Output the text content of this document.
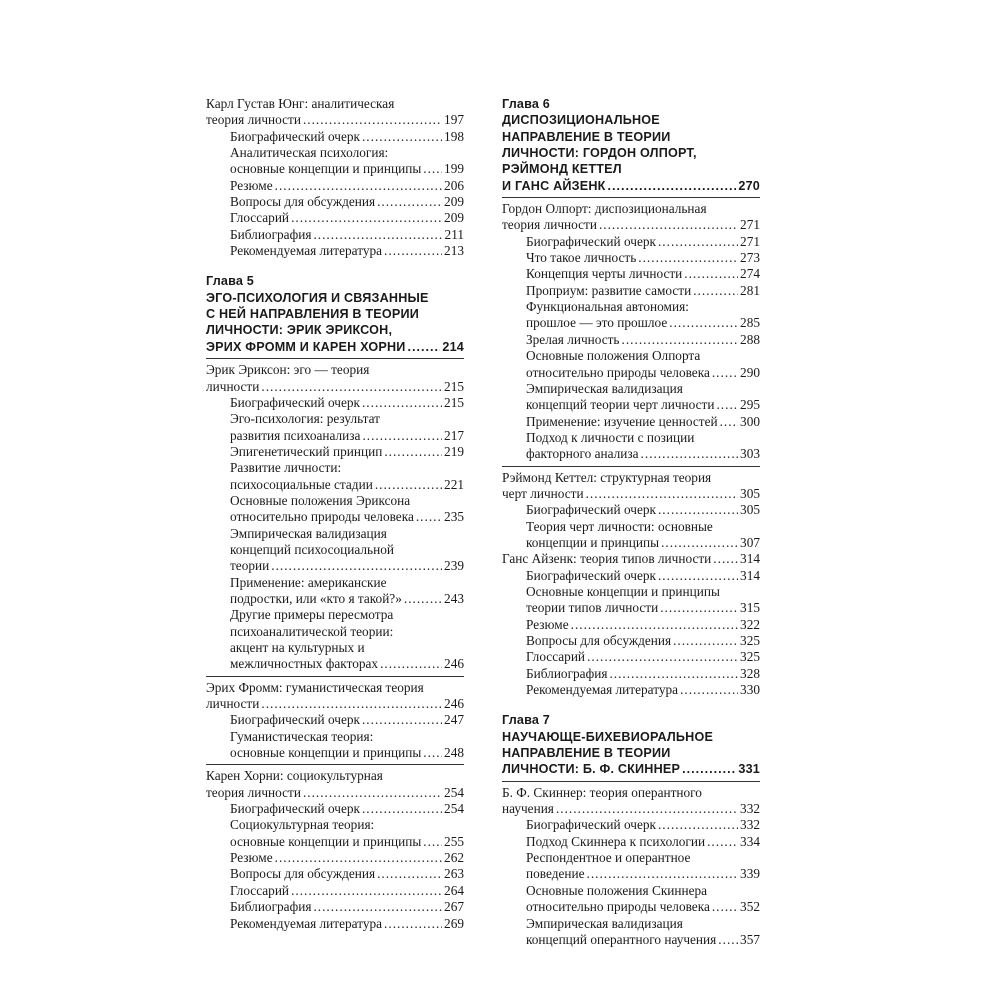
Карл Густав Юнг: аналитическая
теория личности .....	197
Биографический очерк .....	198
Аналитическая психология:
основные концепции и принципы ..... 199
Резюме .....	206
Вопросы для обсуждения .....	209
Глоссарий .....	209
Библиография .....	211
Рекомендуемая литература .....	213
Глава 5
ЭГО-ПСИХОЛОГИЯ И СВЯЗАННЫЕ
С НЕЙ НАПРАВЛЕНИЯ В ТЕОРИИ
ЛИЧНОСТИ: ЭРИК ЭРИКСОН,
ЭРИХ ФРОММ И КАРЕН ХОРНИ .....	214
Эрик Эриксон: эго — теория
личности .....	215
Биографический очерк .....	215
Эго-психология: результат
развития психоанализа .....	217
Эпигенетический принцип .....	219
Развитие личности:
психосоциальные стадии .....	221
Основные положения Эриксона
относительно природы человека ..... 235
Эмпирическая валидизация
концепций психосоциальной
теории .....	239
Применение: американские
подростки, или «кто я такой?» .....	243
Другие примеры пересмотра
психоаналитической теории:
акцент на культурных и
межличностных факторах .....	246
Эрих Фромм: гуманистическая теория
личности .....	246
Биографический очерк .....	247
Гуманистическая теория:
основные концепции и принципы ..... 248
Карен Хорни: социокультурная
теория личности .....	254
Биографический очерк .....	254
Социокультурная теория:
основные концепции и принципы ..... 255
Резюме .....	262
Вопросы для обсуждения .....	263
Глоссарий .....	264
Библиография .....	267
Рекомендуемая литература .....	269
Глава 6
ДИСПОЗИЦИОНАЛЬНОЕ
НАПРАВЛЕНИЕ В ТЕОРИИ
ЛИЧНОСТИ: ГОРДОН ОЛПОРТ,
РЭЙМОНД КЕТТЕЛ
И ГАНС АЙЗЕНК .....	270
Гордон Олпорт: диспозициональная
теория личности .....	271
Биографический очерк .....	271
Что такое личность .....	273
Концепция черты личности .....	274
Проприум: развитие самости .....	281
Функциональная автономия:
прошлое — это прошлое .....	285
Зрелая личность .....	288
Основные положения Олпорта
относительно природы человека ..... 290
Эмпирическая валидизация
концепций теории черт личности ..... 295
Применение: изучение ценностей ..... 300
Подход к личности с позиции
факторного анализа .....	303
Рэймонд Кеттел: структурная теория
черт личности .....	305
Биографический очерк .....	305
Теория черт личности: основные
концепции и принципы .....	307
Ганс Айзенк: теория типов личности ..... 314
Биографический очерк .....	314
Основные концепции и принципы
теории типов личности .....	315
Резюме .....	322
Вопросы для обсуждения .....	325
Глоссарий .....	325
Библиография .....	328
Рекомендуемая литература .....	330
Глава 7
НАУЧАЮЩЕ-БИХЕВИОРАЛЬНОЕ
НАПРАВЛЕНИЕ В ТЕОРИИ
ЛИЧНОСТИ: Б. Ф. СКИННЕР .....	331
Б. Ф. Скиннер: теория оперантного
научения .....	332
Биографический очерк .....	332
Подход Скиннера к психологии .....	334
Респондентное и оперантное
поведение .....	339
Основные положения Скиннера
относительно природы человека ..... 352
Эмпирическая валидизация
концепций оперантного научения ..... 357
